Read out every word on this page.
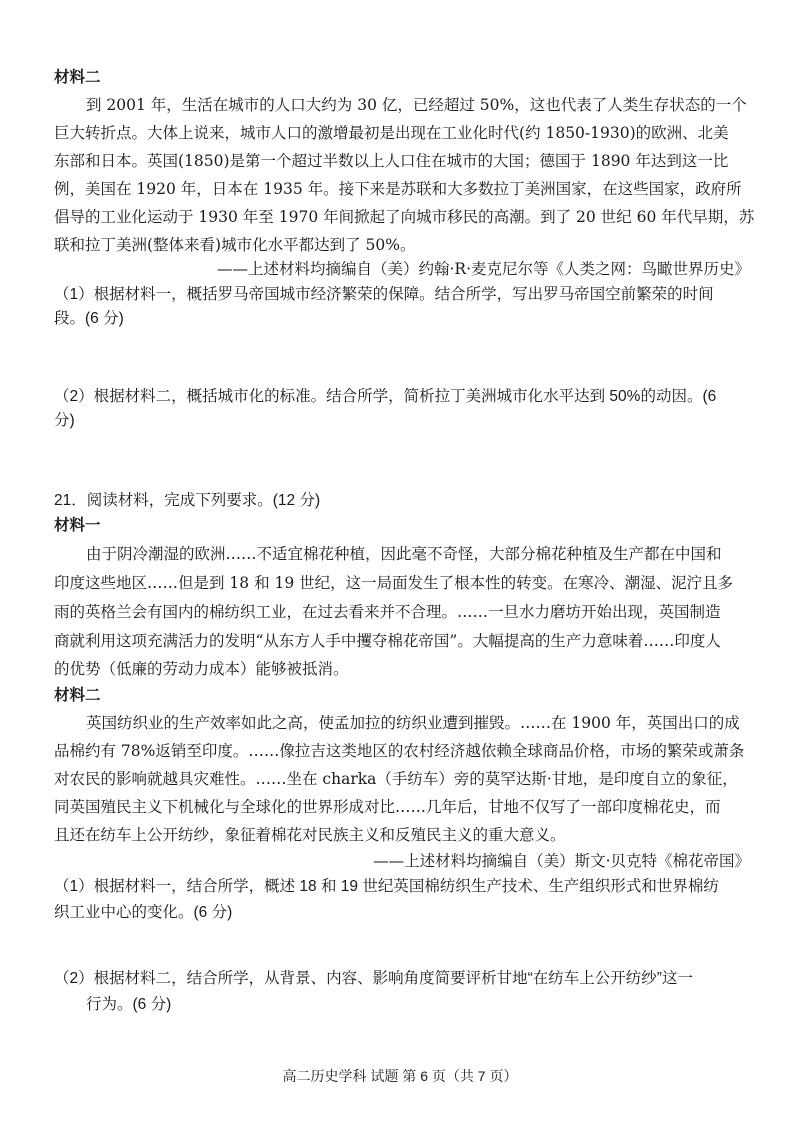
材料二
到 2001 年，生活在城市的人口大约为 30 亿，已经超过 50%，这也代表了人类生存状态的一个
巨大转折点。大体上说来，城市人口的激增最初是出现在工业化时代(约 1850-1930)的欧洲、北美
东部和日本。英国(1850)是第一个超过半数以上人口住在城市的大国；德国于 1890 年达到这一比
例，美国在 1920 年，日本在 1935 年。接下来是苏联和大多数拉丁美洲国家，在这些国家，政府所
倡导的工业化运动于 1930 年至 1970 年间掀起了向城市移民的高潮。到了 20 世纪 60 年代早期，苏
联和拉丁美洲(整体来看)城市化水平都达到了 50%。
——上述材料均摘编自（美）约翰·R·麦克尼尔等《人类之网：鸟瞰世界历史》
（1）根据材料一，概括罗马帝国城市经济繁荣的保障。结合所学，写出罗马帝国空前繁荣的时间
段。(6 分)
（2）根据材料二，概括城市化的标准。结合所学，简析拉丁美洲城市化水平达到 50%的动因。(6
分)
21．阅读材料，完成下列要求。(12 分)
材料一
由于阴冷潮湿的欧洲……不适宜棉花种植，因此毫不奇怪，大部分棉花种植及生产都在中国和
印度这些地区……但是到 18 和 19 世纪，这一局面发生了根本性的转变。在寒冷、潮湿、泥泞且多
雨的英格兰会有国内的棉纺织工业，在过去看来并不合理。……一旦水力磨坊开始出现，英国制造
商就利用这项充满活力的发明“从东方人手中攫夺棉花帝国”。大幅提高的生产力意味着……印度人
的优势（低廉的劳动力成本）能够被抵消。
材料二
英国纺织业的生产效率如此之高，使孟加拉的纺织业遭到摧毁。……在 1900 年，英国出口的成
品棉约有 78%返销至印度。……像拉吉这类地区的农村经济越依赖全球商品价格，市场的繁荣或萧条
对农民的影响就越具灾难性。……坐在 charka（手纺车）旁的莫罕达斯·甘地，是印度自立的象征，
同英国殖民主义下机械化与全球化的世界形成对比……几年后，甘地不仅写了一部印度棉花史，而
且还在纺车上公开纺纱，象征着棉花对民族主义和反殖民主义的重大意义。
——上述材料均摘编自（美）斯文·贝克特《棉花帝国》
（1）根据材料一，结合所学，概述 18 和 19 世纪英国棉纺织生产技术、生产组织形式和世界棉纺
织工业中心的变化。(6 分)
（2）根据材料二，结合所学，从背景、内容、影响角度简要评析甘地“在纺车上公开纺纱”这一
行为。(6 分)
高二历史学科 试题 第 6 页（共 7 页）
